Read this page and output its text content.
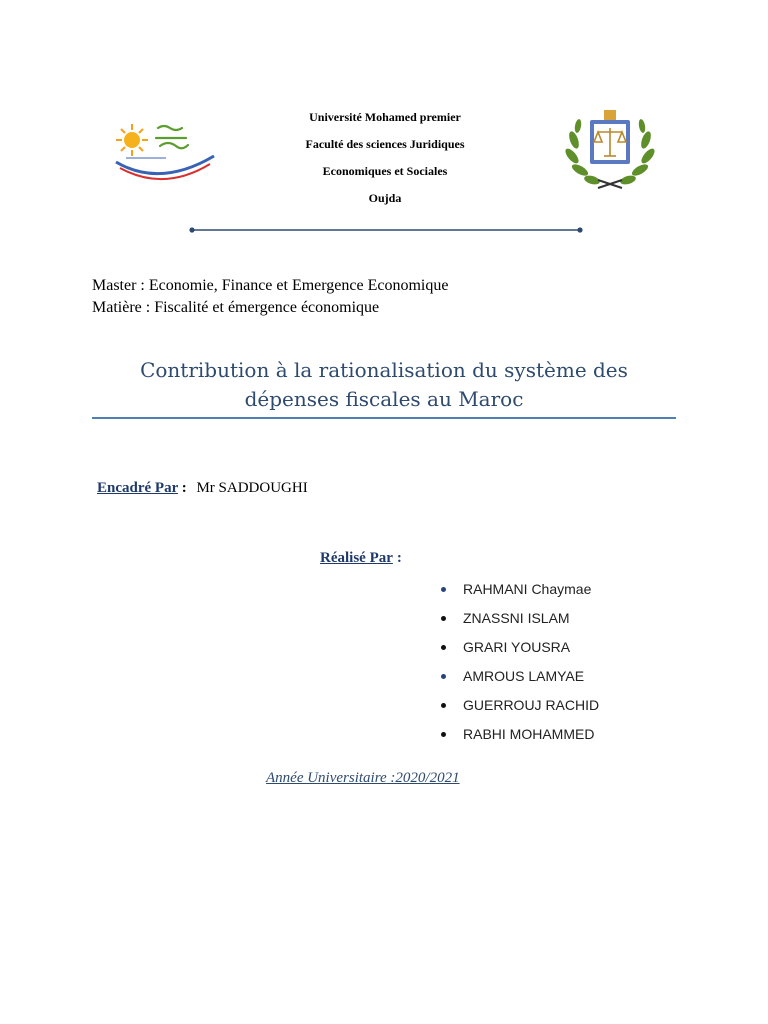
Université Mohamed premier
Faculté des sciences Juridiques
Economiques et Sociales
Oujda
Master : Economie, Finance et Emergence Economique
Matière : Fiscalité et émergence économique
Contribution à la rationalisation du système des
dépenses fiscales au Maroc
Encadré Par : Mr SADDOUGHI
Réalisé Par :
RAHMANI Chaymae
ZNASSNI ISLAM
GRARI YOUSRA
AMROUS LAMYAE
GUERROUJ RACHID
RABHI MOHAMMED
Année Universitaire :2020/2021
